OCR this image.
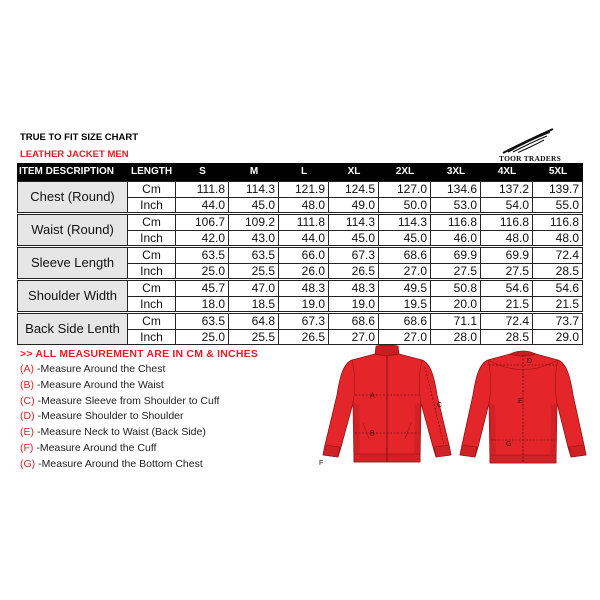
TRUE TO FIT SIZE CHART
LEATHER JACKET MEN	TOOR TRADERS
ITEM DESCRIPTION	LENGTH	S	M	L	XL	2XL	3XL	4XL	5XL
Chest (Round)	Cm	111.8	114.3	121.9	124.5	127.0	134.6	137.2	139.7
Inch	44.0	45.0	48.0	49.0	50.0	53.0	54.0	55.0
Waist (Round)	Cm	106.7	109.2	111.8	114.3	114.3	116.8	116.8	116.8
Inch	42.0	43.0	44.0	45.0	45.0	46.0	48.0	48.0
Sleeve Length	Cm	63.5	63.5	66.0	67.3	68.6	69.9	69.9	72.4
Inch	25.0	25.5	26.0	26.5	27.0	27.5	27.5	28.5
Shoulder Width	Cm	45.7	47.0	48.3	48.3	49.5	50.8	54.6	54.6
Inch	18.0	18.5	19.0	19.0	19.5	20.0	21.5	21.5
Back Side Lenth	Cm	63.5	64.8	67.3	68.6	68.6	71.1	72.4	73.7
Inch	25.0	25.5	26.5	27.0	27.0	28.0	28.5	29.0
>> ALL MEASUREMENT ARE IN CM & INCHES
(A) -Measure Around the Chest
(B) -Measure Around the Waist
(C) -Measure Sleeve from Shoulder to Cuff
(D) -Measure Shoulder to Shoulder
(E) -Measure Neck to Waist (Back Side)
(F) -Measure Around the Cuff
(G) -Measure Around the Bottom Chest
A
B
C
F
D
E
G
